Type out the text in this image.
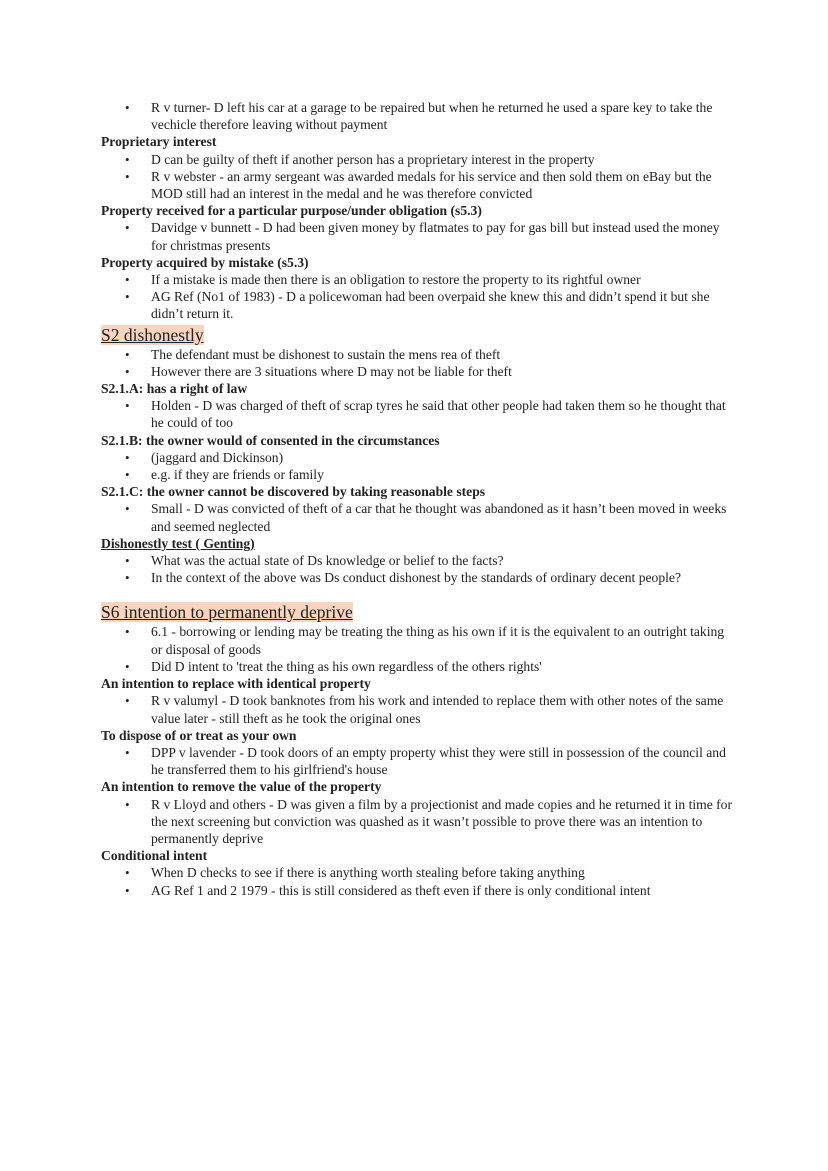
• R v turner- D left his car at a garage to be repaired but when he returned he used a spare key to take the vechicle therefore leaving without payment

Proprietary interest

• D can be guilty of theft if another person has a proprietary interest in the property
• R v webster - an army sergeant was awarded medals for his service and then sold them on eBay but the MOD still had an interest in the medal and he was therefore convicted

Property received for a particular purpose/under obligation (s5.3)

• Davidge v bunnett - D had been given money by flatmates to pay for gas bill but instead used the money for christmas presents

Property acquired by mistake (s5.3)

• If a mistake is made then there is an obligation to restore the property to its rightful owner
• AG Ref (No1 of 1983) - D a policewoman had been overpaid she knew this and didn’t spend it but she didn’t return it.
S2 dishonestly
• The defendant must be dishonest to sustain the mens rea of theft
• However there are 3 situations where D may not be liable for theft

S2.1.A: has a right of law

• Holden - D was charged of theft of scrap tyres he said that other people had taken them so he thought that he could of too

S2.1.B: the owner would of consented in the circumstances

• (jaggard and Dickinson)
• e.g. if they are friends or family

S2.1.C: the owner cannot be discovered by taking reasonable steps

• Small - D was convicted of theft of a car that he thought was abandoned as it hasn’t been moved in weeks and seemed neglected

Dishonestly test ( Genting)

• What was the actual state of Ds knowledge or belief to the facts?
• In the context of the above was Ds conduct dishonest by the standards of ordinary decent people?
S6 intention to permanently deprive
• 6.1 - borrowing or lending may be treating the thing as his own if it is the equivalent to an outright taking or disposal of goods
• Did D intent to 'treat the thing as his own regardless of the others rights'

An intention to replace with identical property

• R v valumyl - D took banknotes from his work and intended to replace them with other notes of the same value later - still theft as he took the original ones

To dispose of or treat as your own

• DPP v lavender - D took doors of an empty property whist they were still in possession of the council and he transferred them to his girlfriend's house

An intention to remove the value of the property

• R v Lloyd and others - D was given a film by a projectionist and made copies and he returned it in time for the next screening but conviction was quashed as it wasn’t possible to prove there was an intention to permanently deprive

Conditional intent

• When D checks to see if there is anything worth stealing before taking anything
• AG Ref 1 and 2 1979 - this is still considered as theft even if there is only conditional intent
